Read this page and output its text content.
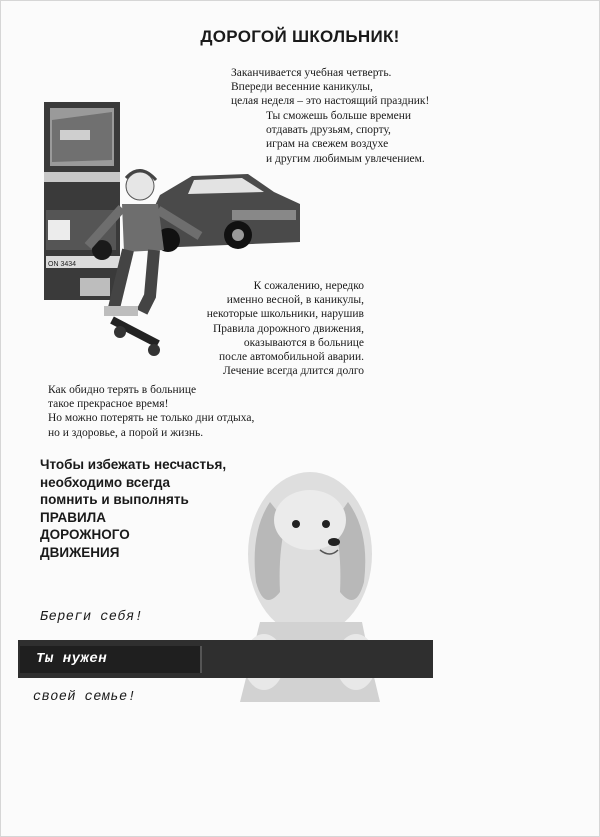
ДОРОГОЙ ШКОЛЬНИК!
Заканчивается учебная четверть.
Впереди весенние каникулы,
целая неделя – это настоящий праздник!
Ты сможешь больше времени
отдавать друзьям, спорту,
играм на свежем воздухе
и другим любимым увлечением.
ON 3434
К сожалению, нередко
именно весной, в каникулы,
некоторые школьники, нарушив
Правила дорожного движения,
оказываются в больнице
после автомобильной аварии.
Лечение всегда длится долго
Как обидно терять в больнице
такое прекрасное время!
Но можно потерять не только дни отдыха,
но и здоровье, а порой и жизнь.
Чтобы избежать несчастья,
необходимо всегда
помнить и выполнять
ПРАВИЛА
ДОРОЖНОГО
ДВИЖЕНИЯ
Береги себя!
Ты нужен
своей семье!
